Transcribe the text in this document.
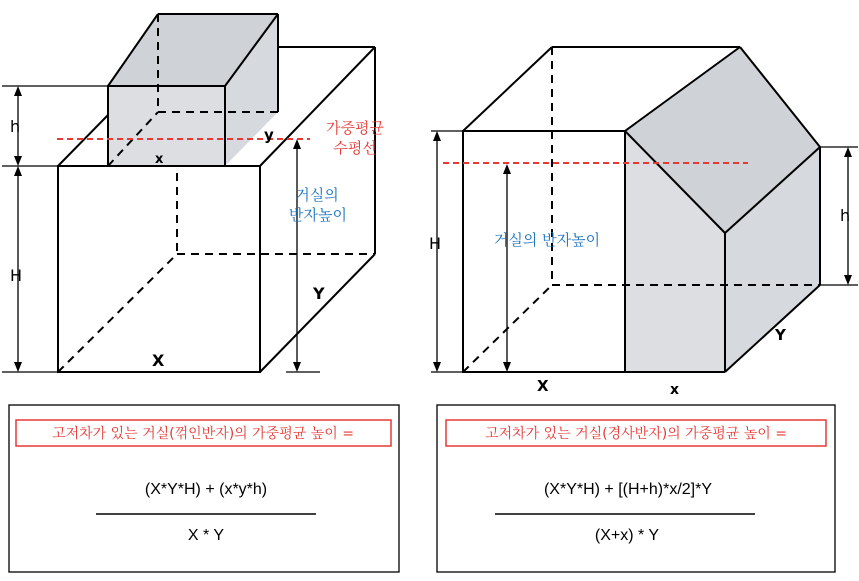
h
H
x
y
X
Y
가중평균
수평선
거실의
반자높이
H
h
X	x
Y
거실의 반자높이
고저차가 있는 거실(꺾인반자)의 가중평균 높이 =
(X*Y*H) + (x*y*h)
X * Y
고저차가 있는 거실(경사반자)의 가중평균 높이 =
(X*Y*H) + [(H+h)*x/2]*Y
(X+x) * Y
